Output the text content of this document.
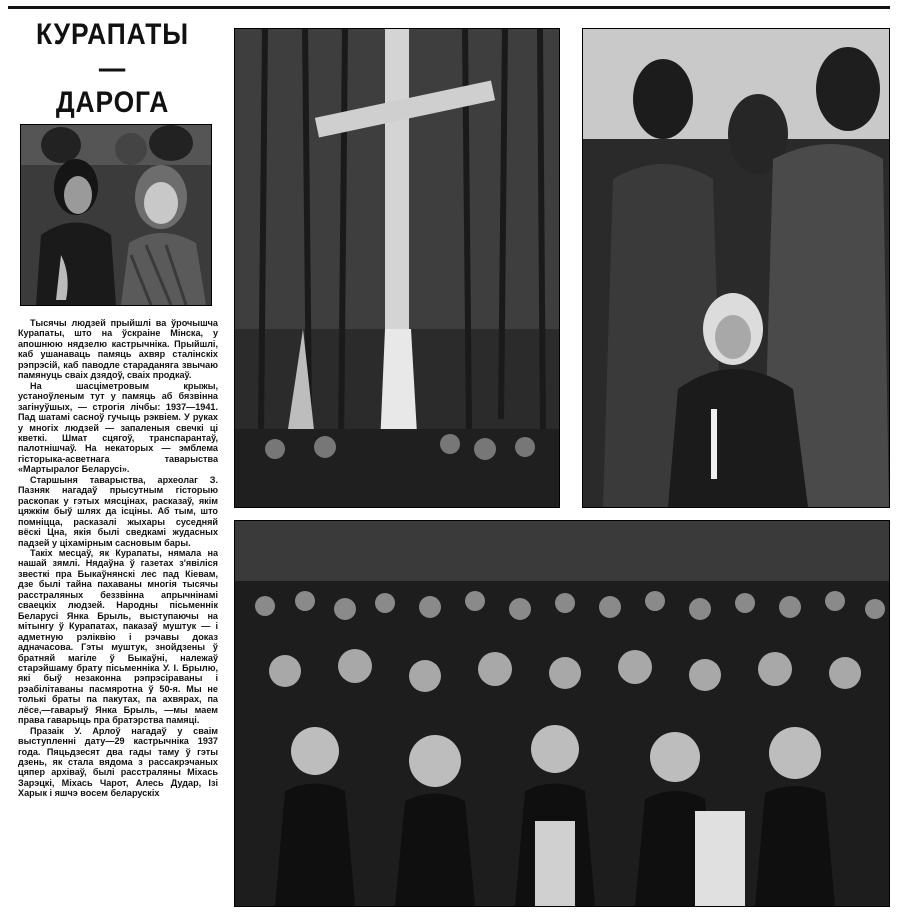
КУРАПАТЫ —
ДАРОГА

Тысячы людзей прыйшлі ва ўрочышча Курапаты, што на ўскраіне Мінска, у апошнюю нядзелю кастрычніка. Прыйшлі, каб ушанаваць памяць ахвяр сталінскіх рэпрэсій, каб паводле стараданяга звычаю памянуць сваіх дзядоў, сваіх продкаў.

На шасціметровым крыжы, устаноўленым тут у памяць аб бязвінна загінуўшых, — строгія лічбы: 1937—1941. Пад шатамі сасноў гучыць рэквіем. У руках у многіх людзей — запаленыя свечкі ці кветкі. Шмат сцягоў, транспарантаў, палотнішчаў. На некаторых — эмблема гісторыка-асветнага таварыства «Мартыралог Беларусі».

Старшыня таварыства, археолаг З. Пазняк нагадаў прысутным гісторыю раскопак у гэтых мясцінах, расказаў, якім цяжкім быў шлях да ісціны. Аб тым, што помніцца, расказалі жыхары суседняй вёскі Цна, якія былі сведкамі жудасных падзей у ціхамірным сасновым бары.

Такіх месцаў, як Курапаты, нямала на нашай зямлі. Нядаўна ў газетах з'явіліся звесткі пра Быкаўнянскі лес пад Кіевам, дзе былі тайна пахаваны многія тысячы расстраляных беззвінна апрычнінамі сваецкіх людзей. Народны пісьменнік Беларусі Янка Брыль, выступаючы на мітынгу ў Курапатах, паказаў муштук — і адметную рэліквію і рэчавы доказ адначасова. Гэты муштук, знойдзены ў братняй магіле ў Быкаўні, належаў старэйшаму брату пісьменніка У. І. Брылю, які быў незаконна рэпрэсіраваны і рэабілітаваны пасмяротна ў 50-я. Мы не толькі браты па пакутах, па ахвярах, па лёсе,—гаварыў Янка Брыль, —мы маем права гаварыць пра братэрства памяці.

Празаік У. Арлоў нагадаў у сваім выступленні дату—29 кастрычніка 1937 года. Пяцьдзесят два гады таму ў гэты дзень, як стала вядома з рассакрэчаных цяпер архіваў, былі расстраляны Міхась Зарэцкі, Міхась Чарот, Алесь Дудар, Ізі Харык і яшчэ восем беларускіх
